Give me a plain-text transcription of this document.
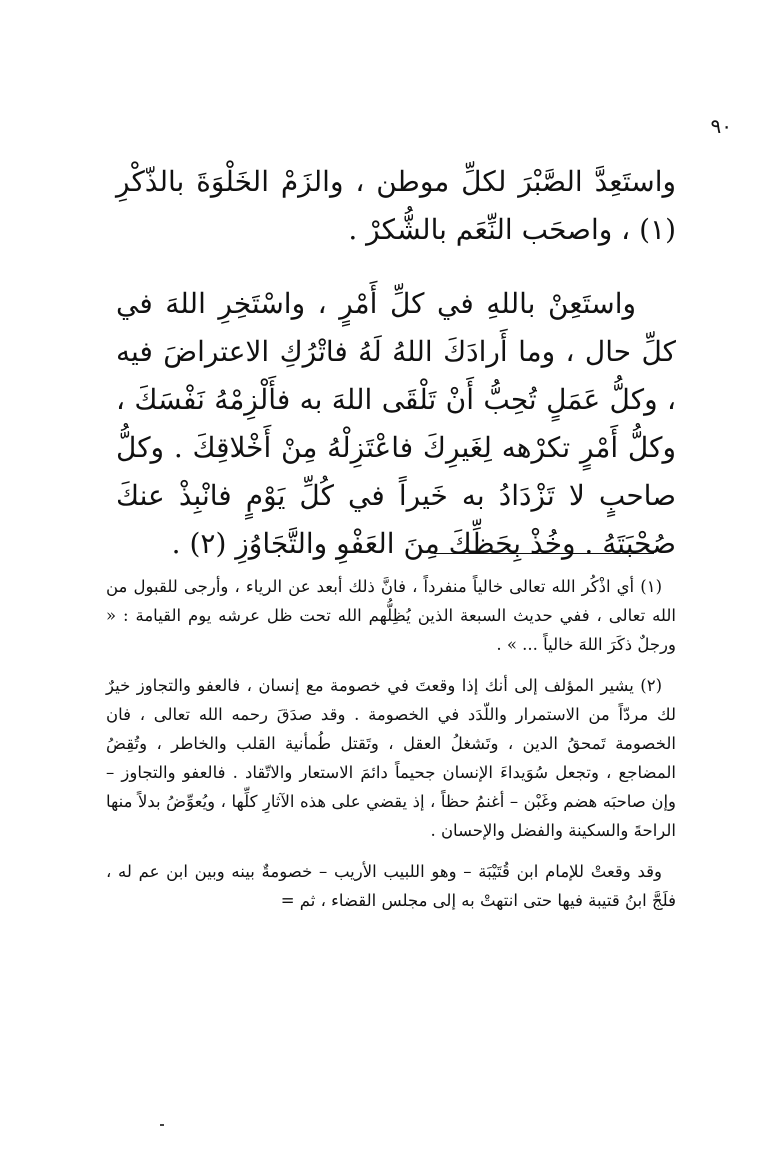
٩٠

واستَعِدَّ الصَّبْرَ لكلِّ موطن ، والزَمْ الخَلْوَةَ بالذّكْرِ (١) ، واصحَب النِّعَم بالشُّكرْ .

واستَعِنْ باللهِ في كلِّ أَمْرٍ ، واسْتَخِرِ اللهَ في كلِّ حال ، وما أَرادَكَ اللهُ لَهُ فاتْرُكِ الاعتراضَ فيه ، وكلُّ عَمَلٍ تُحِبُّ أَنْ تَلْقَى اللهَ به فأَلْزِمْهُ نَفْسَكَ ، وكلُّ أَمْرٍ تكرْهه لِغَيرِكَ فاعْتَزِلْهُ مِنْ أَخْلاقِكَ . وكلُّ صاحبٍ لا تَزْدَادُ به خَيراً في كُلِّ يَوْمٍ فانْبِذْ عنكَ صُحْبَتَهُ . وخُذْ بِحَظِّكَ مِنَ العَفْوِ والتَّجَاوُزِ (٢) .

(١) أي اذْكُر الله تعالى خالياً منفرداً ، فانَّ ذلك أبعد عن الرياء ، وأرجى للقبول من الله تعالى ، ففي حديث السبعة الذين يُظِلُّهم الله تحت ظل عرشه يوم القيامة : « ورجلٌ ذكَرَ اللهَ خالياً ... » .

(٢) يشير المؤلف إلى أنك إذا وقعتَ في خصومة مع إنسان ، فالعفو والتجاوز خيرٌ لك مردّاً من الاستمرار واللّدَد في الخصومة . وقد صدَقَ رحمه الله تعالى ، فان الخصومة تَمحقُ الدين ، وتَشغلُ العقل ، وتَقتل طُمأنية القلب والخاطر ، وتُقِضُ المضاجع ، وتجعل سُوَيداءَ الإنسان جحيماً دائمَ الاستعار والاتّقاد . فالعفو والتجاوز – وإن صاحبَه هضم وغَبْن – أغنمُ حظاً ، إذ يقضي على هذه الآثارِ كلِّها ، ويُعوِّضُ بدلاً منها الراحةَ والسكينة والفضل والإحسان .

وقد وقعتْ للإمام ابن قُتَيْبَة – وهو اللبيب الأريب – خصومةٌ بينه وبين ابن عم له ، فلَجَّ ابنُ قتيبة فيها حتى انتهتْ به إلى مجلس القضاء ، ثم =
